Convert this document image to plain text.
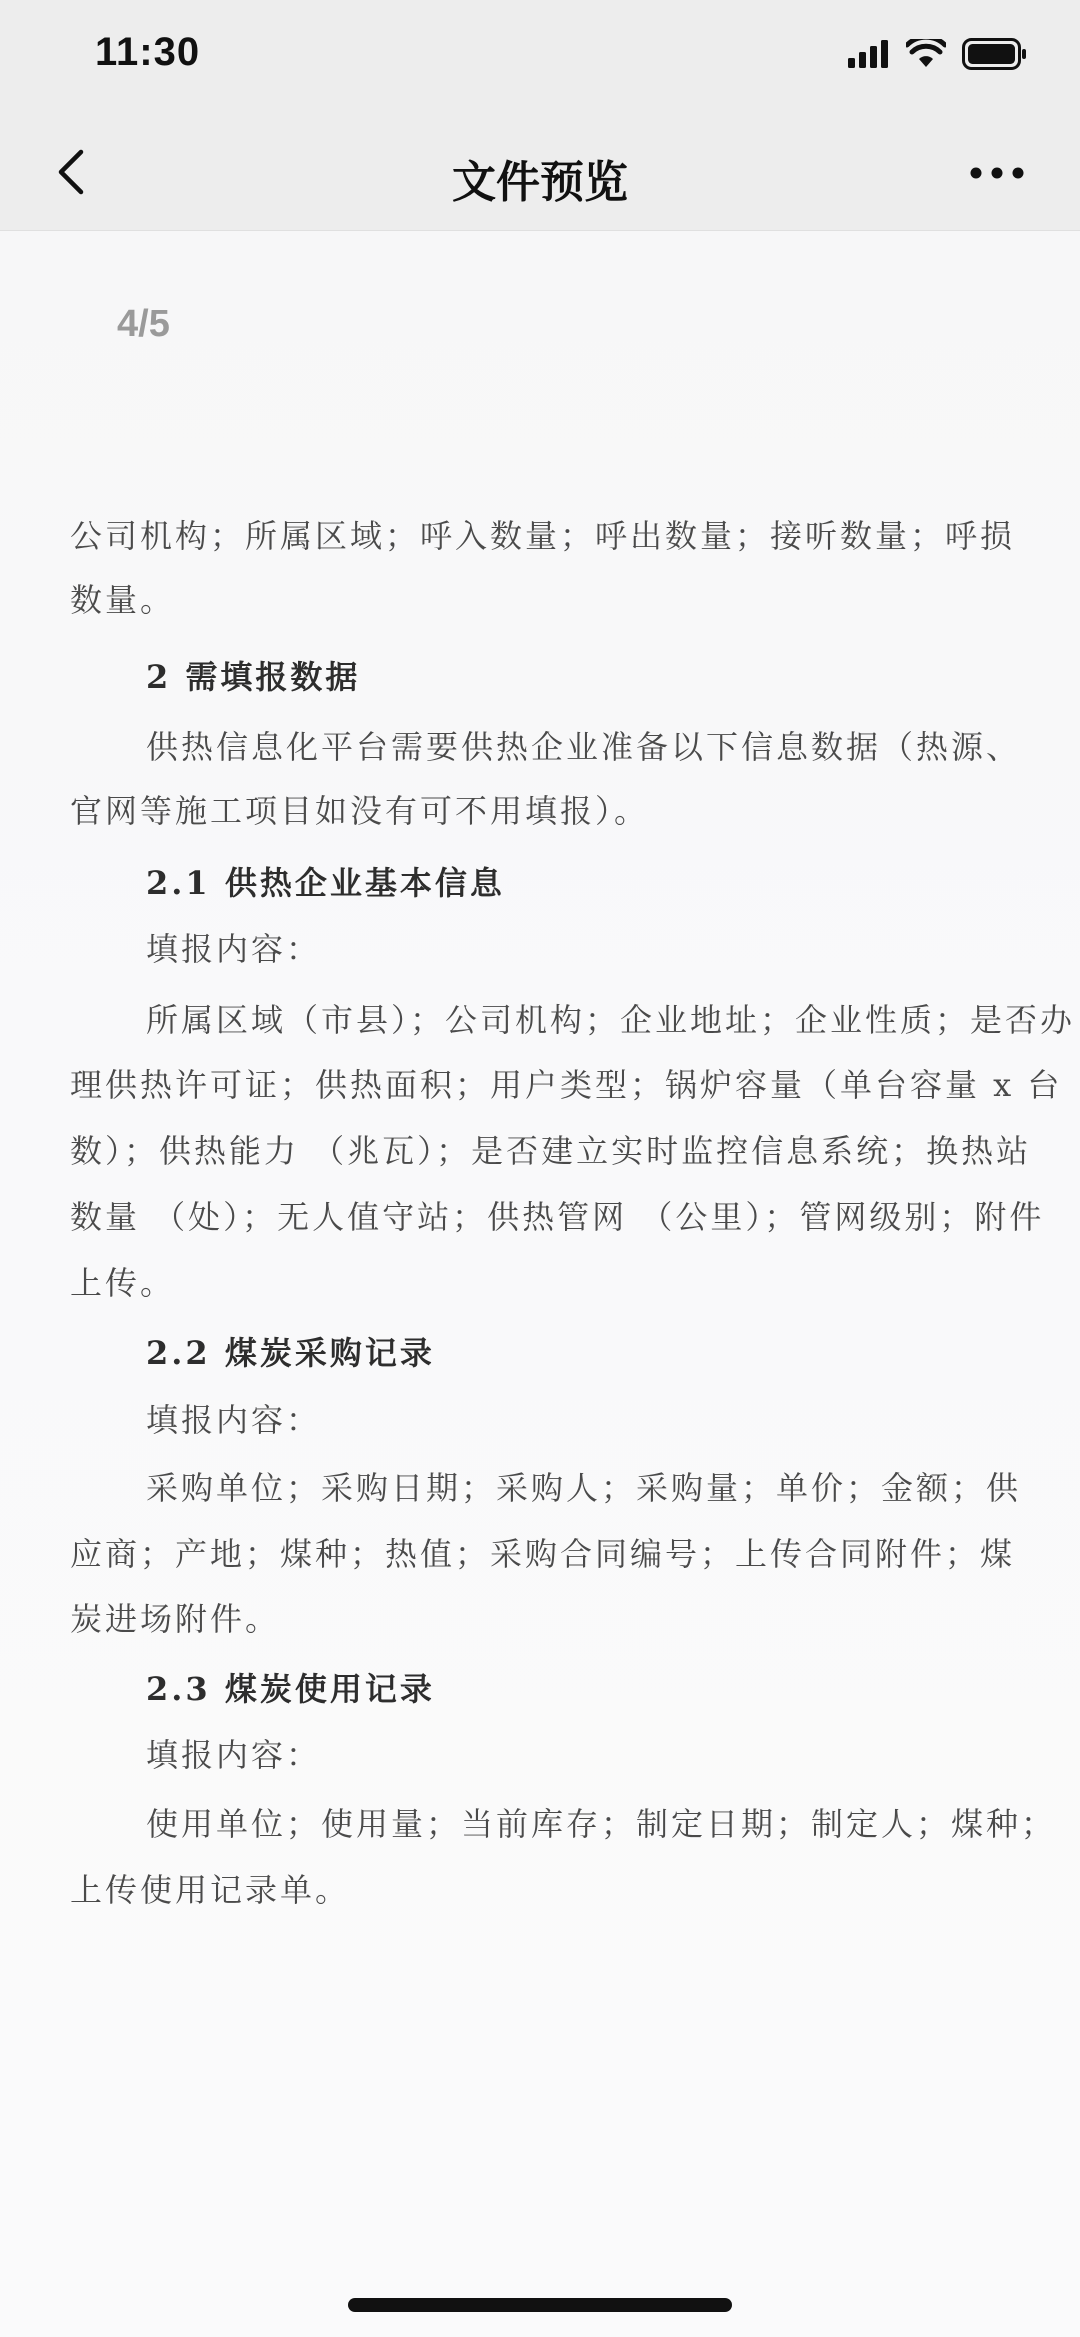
11:30
文件预览
4/5
公司机构；所属区域；呼入数量；呼出数量；接听数量；呼损
数量。
2 需填报数据
供热信息化平台需要供热企业准备以下信息数据（热源、
官网等施工项目如没有可不用填报）。
2.1 供热企业基本信息
填报内容：
所属区域（市县）；公司机构；企业地址；企业性质；是否办
理供热许可证；供热面积；用户类型；锅炉容量（单台容量 x 台
数）；供热能力 （兆瓦）；是否建立实时监控信息系统；换热站
数量 （处）；无人值守站；供热管网 （公里）；管网级别；附件
上传。
2.2 煤炭采购记录
填报内容：
采购单位；采购日期；采购人；采购量；单价；金额；供
应商；产地；煤种；热值；采购合同编号；上传合同附件；煤
炭进场附件。
2.3 煤炭使用记录
填报内容：
使用单位；使用量；当前库存；制定日期；制定人；煤种；
上传使用记录单。
